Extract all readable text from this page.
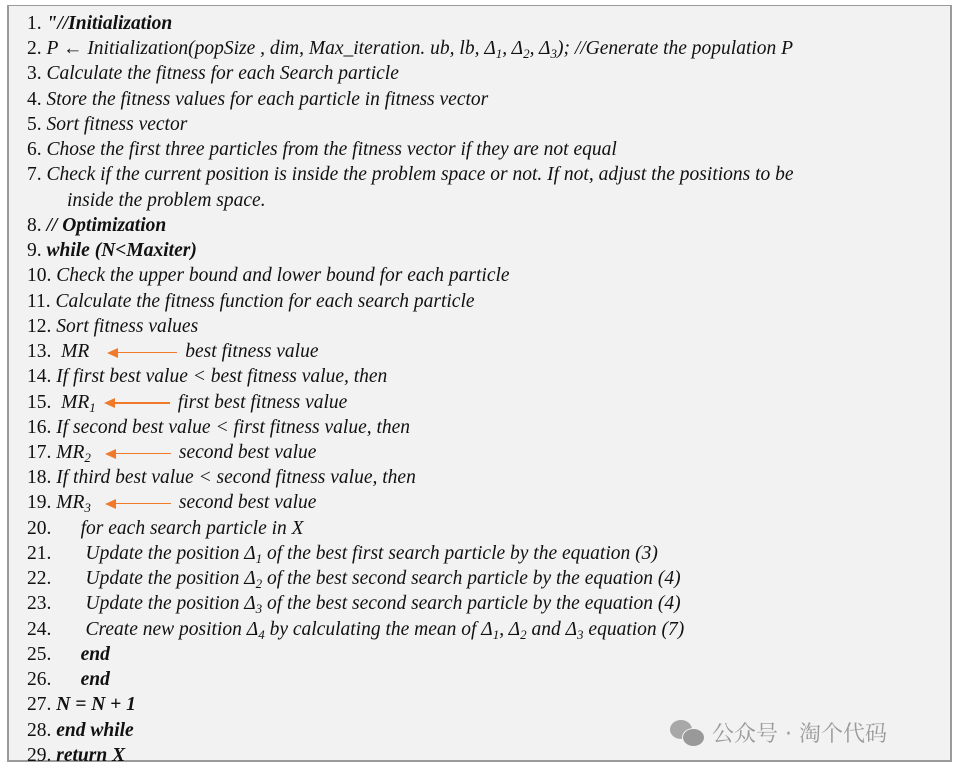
1. "//Initialization
2. P ← Initialization(popSize , dim, Max_iteration. ub, lb, $\Delta_1$, $\Delta_2$, $\Delta_3$); //Generate the population P
3. Calculate the fitness for each Search particle
4. Store the fitness values for each particle in fitness vector
5. Sort fitness vector
6. Chose the first three particles from the fitness vector if they are not equal
7. Check if the current position is inside the problem space or not. If not, adjust the positions to be
inside the problem space.
8. // Optimization
9. while (N<Maxiter)
10. Check the upper bound and lower bound for each particle
11. Calculate the fitness function for each search particle
12. Sort fitness values
13.  MR	best fitness value
14. If first best value < best fitness value, then
15.  $MR_1$	first best fitness value
16. If second best value < first fitness value, then
17. $MR_2$	second best value
18. If third best value < second fitness value, then
19. $MR_3$	second best value
20.      for each search particle in X
21.       Update the position $\Delta_1$ of the best first search particle by the equation (3)
22.       Update the position $\Delta_2$ of the best second search particle by the equation (4)
23.       Update the position $\Delta_3$ of the best second search particle by the equation (4)
24.       Create new position $\Delta_4$ by calculating the mean of $\Delta_1$, $\Delta_2$ and $\Delta_3$ equation (7)
25.      end
26.      end
27. N = N + 1
28. end while
29. return X
公众号 · 淘个代码
